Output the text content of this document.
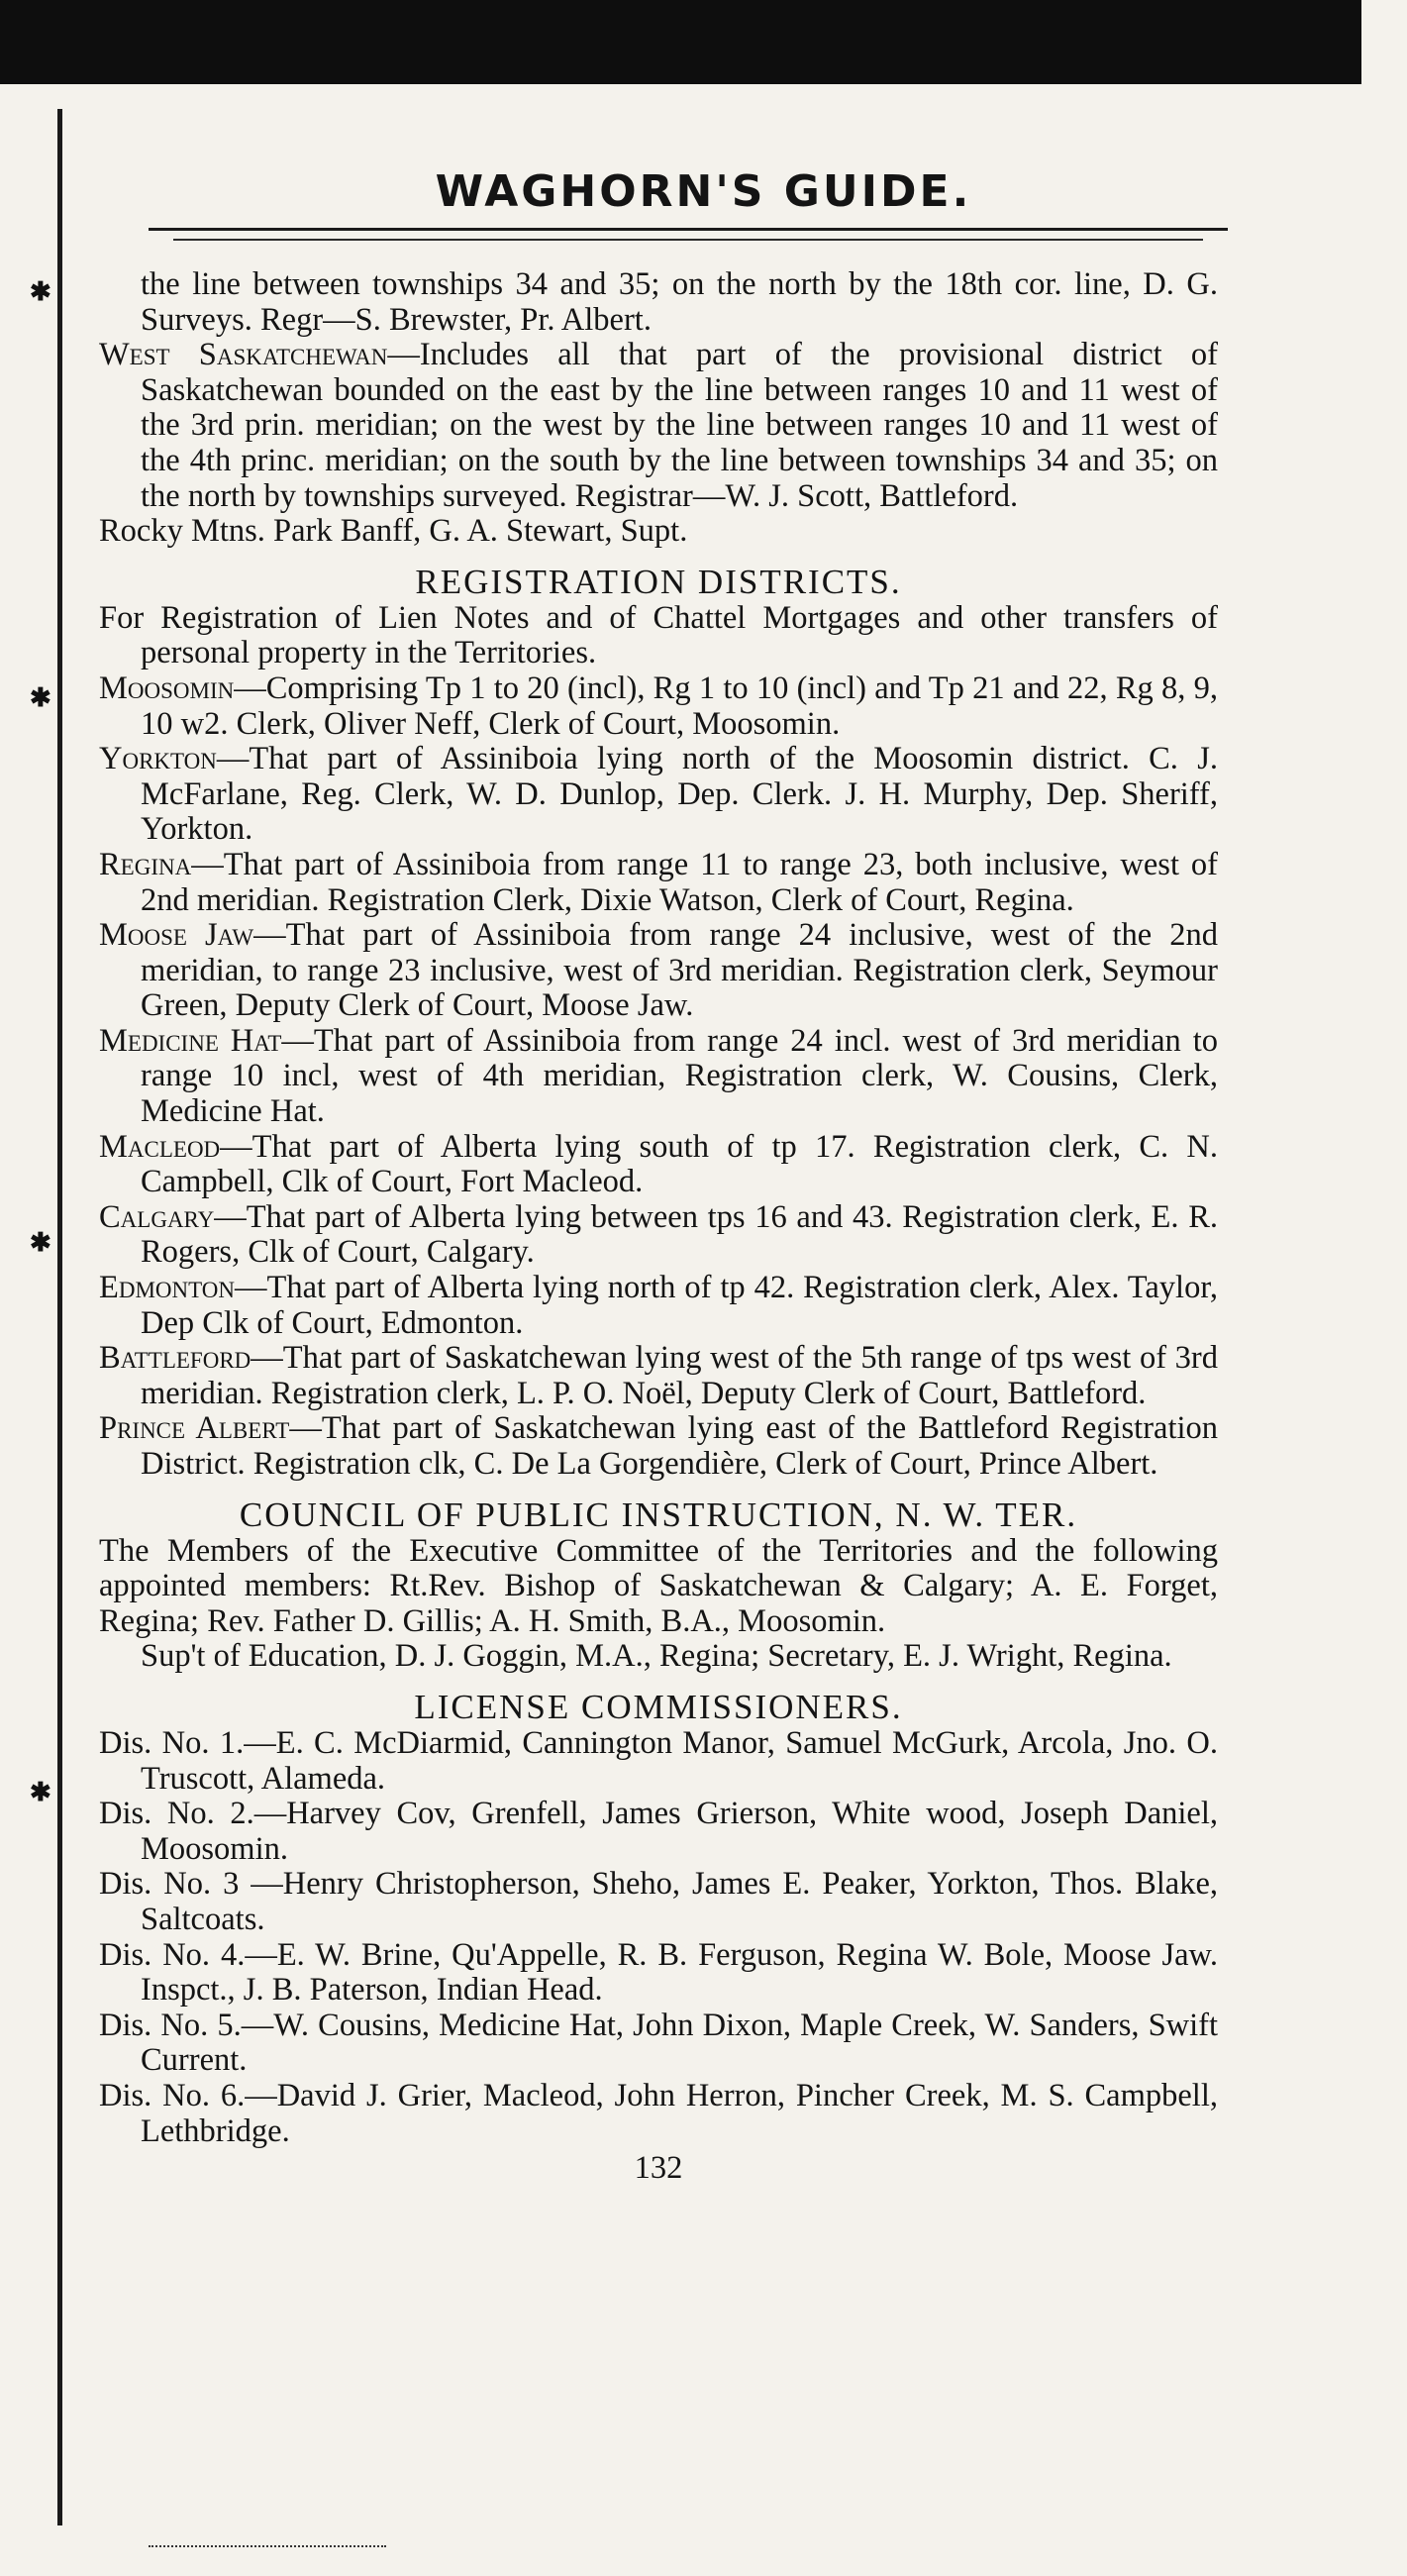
✱
✱
✱
✱
WAGHORN'S GUIDE.

the line between townships 34 and 35; on the north by the 18th cor. line, D. G. Surveys. Regr—S. Brewster, Pr. Albert.

West Saskatchewan—Includes all that part of the provisional district of Saskatchewan bounded on the east by the line between ranges 10 and 11 west of the 3rd prin. meridian; on the west by the line between ranges 10 and 11 west of the 4th princ. meridian; on the south by the line between townships 34 and 35; on the north by townships surveyed. Registrar—W. J. Scott, Battleford.

Rocky Mtns. Park Banff, G. A. Stewart, Supt.

REGISTRATION DISTRICTS.

For Registration of Lien Notes and of Chattel Mortgages and other transfers of personal property in the Territories.

Moosomin—Comprising Tp 1 to 20 (incl), Rg 1 to 10 (incl) and Tp 21 and 22, Rg 8, 9, 10 w2. Clerk, Oliver Neff, Clerk of Court, Moosomin.

Yorkton—That part of Assiniboia lying north of the Moosomin district. C. J. McFarlane, Reg. Clerk, W. D. Dunlop, Dep. Clerk. J. H. Murphy, Dep. Sheriff, Yorkton.

Regina—That part of Assiniboia from range 11 to range 23, both inclusive, west of 2nd meridian. Registration Clerk, Dixie Watson, Clerk of Court, Regina.

Moose Jaw—That part of Assiniboia from range 24 inclusive, west of the 2nd meridian, to range 23 inclusive, west of 3rd meridian. Registration clerk, Seymour Green, Deputy Clerk of Court, Moose Jaw.

Medicine Hat—That part of Assiniboia from range 24 incl. west of 3rd meridian to range 10 incl, west of 4th meridian, Registration clerk, W. Cousins, Clerk, Medicine Hat.

Macleod—That part of Alberta lying south of tp 17. Registration clerk, C. N. Campbell, Clk of Court, Fort Macleod.

Calgary—That part of Alberta lying between tps 16 and 43. Registration clerk, E. R. Rogers, Clk of Court, Calgary.

Edmonton—That part of Alberta lying north of tp 42. Registration clerk, Alex. Taylor, Dep Clk of Court, Edmonton.

Battleford—That part of Saskatchewan lying west of the 5th range of tps west of 3rd meridian. Registration clerk, L. P. O. Noël, Deputy Clerk of Court, Battleford.

Prince Albert—That part of Saskatchewan lying east of the Battleford Registration District. Registration clk, C. De La Gorgendière, Clerk of Court, Prince Albert.

COUNCIL OF PUBLIC INSTRUCTION, N. W. TER.

The Members of the Executive Committee of the Territories and the following appointed members: Rt.Rev. Bishop of Saskatchewan & Calgary; A. E. Forget, Regina; Rev. Father D. Gillis; A. H. Smith, B.A., Moosomin.

Sup't of Education, D. J. Goggin, M.A., Regina; Secretary, E. J. Wright, Regina.

LICENSE COMMISSIONERS.

Dis. No. 1.—E. C. McDiarmid, Cannington Manor, Samuel McGurk, Arcola, Jno. O. Truscott, Alameda.

Dis. No. 2.—Harvey Cov, Grenfell, James Grierson, White wood, Joseph Daniel, Moosomin.

Dis. No. 3 —Henry Christopherson, Sheho, James E. Peaker, Yorkton, Thos. Blake, Saltcoats.

Dis. No. 4.—E. W. Brine, Qu'Appelle, R. B. Ferguson, Regina W. Bole, Moose Jaw. Inspct., J. B. Paterson, Indian Head.

Dis. No. 5.—W. Cousins, Medicine Hat, John Dixon, Maple Creek, W. Sanders, Swift Current.

Dis. No. 6.—David J. Grier, Macleod, John Herron, Pincher Creek, M. S. Campbell, Lethbridge.

132
